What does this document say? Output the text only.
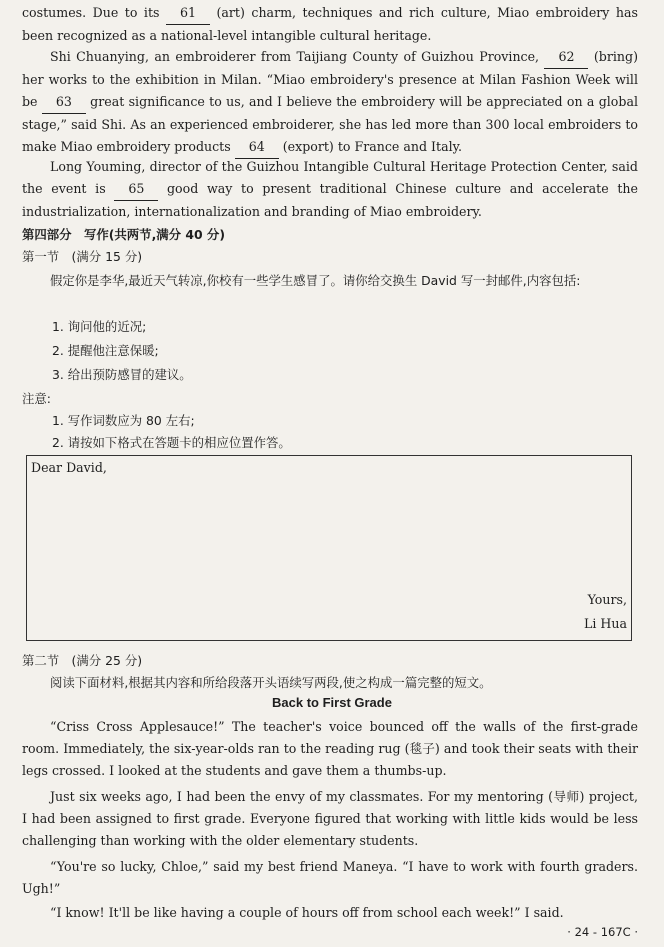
costumes. Due to its 61 (art) charm, techniques and rich culture, Miao embroidery has been recognized as a national-level intangible cultural heritage.

Shi Chuanying, an embroiderer from Taijiang County of Guizhou Province, 62 (bring) her works to the exhibition in Milan. “Miao embroidery's presence at Milan Fashion Week will be 63 great significance to us, and I believe the embroidery will be appreciated on a global stage,” said Shi. As an experienced embroiderer, she has led more than 300 local embroiders to make Miao embroidery products 64 (export) to France and Italy.

Long Youming, director of the Guizhou Intangible Cultural Heritage Protection Center, said the event is 65 good way to present traditional Chinese culture and accelerate the industrialization, internationalization and branding of Miao embroidery.

第四部分　写作(共两节,满分 40 分)

第一节　(满分 15 分)

假定你是李华,最近天气转凉,你校有一些学生感冒了。请你给交换生 David 写一封邮件,内容包括:

1. 询问他的近况;

2. 提醒他注意保暖;

3. 给出预防感冒的建议。

注意:

1. 写作词数应为 80 左右;

2. 请按如下格式在答题卡的相应位置作答。

Dear David,
Yours,
Li Hua

第二节　(满分 25 分)

阅读下面材料,根据其内容和所给段落开头语续写两段,使之构成一篇完整的短文。

Back to First Grade

“Criss Cross Applesauce!” The teacher's voice bounced off the walls of the first-grade room. Immediately, the six-year-olds ran to the reading rug (毯子) and took their seats with their legs crossed. I looked at the students and gave them a thumbs-up.

Just six weeks ago, I had been the envy of my classmates. For my mentoring (导师) project, I had been assigned to first grade. Everyone figured that working with little kids would be less challenging than working with the older elementary students.

“You're so lucky, Chloe,” said my best friend Maneya. “I have to work with fourth graders. Ugh!”

“I know! It'll be like having a couple of hours off from school each week!” I said.

· 24 - 167C ·
